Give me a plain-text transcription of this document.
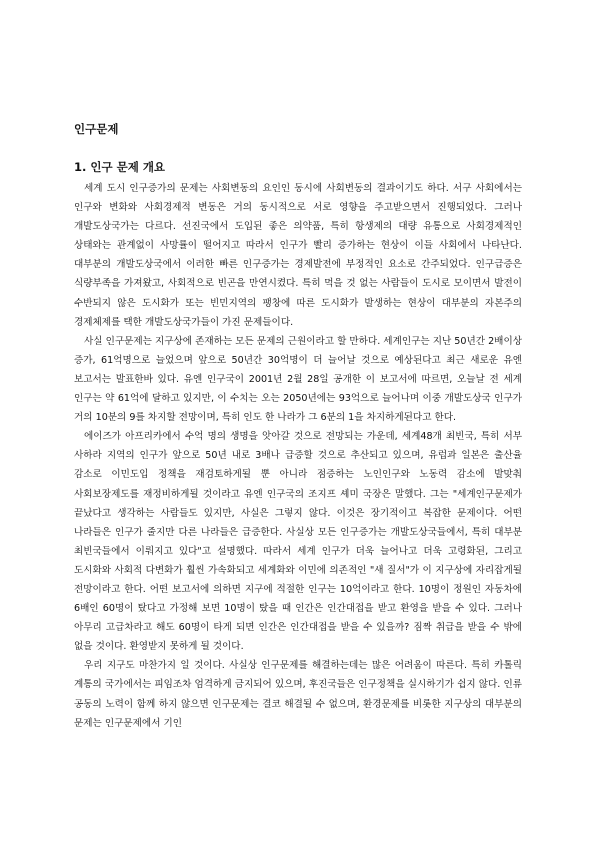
인구문제
1. 인구 문제 개요

세계 도시 인구증가의 문제는 사회변동의 요인인 동시에 사회변동의 결과이기도 하다. 서구 사회에서는 인구와 변화와 사회경제적 변동은 거의 동시적으로 서로 영향을 주고받으면서 진행되었다. 그러나 개발도상국가는 다르다. 선진국에서 도입된 좋은 의약품, 특히 항생제의 대량 유통으로 사회경제적인 상태와는 관계없이 사망률이 떨어지고 따라서 인구가 빨리 증가하는 현상이 이들 사회에서 나타난다. 대부분의 개발도상국에서 이러한 빠른 인구증가는 경제발전에 부정적인 요소로 간주되었다. 인구급증은 식량부족을 가져왔고, 사회적으로 빈곤을 만연시켰다. 특히 먹을 것 없는 사람들이 도시로 모이면서 발전이 수반되지 않은 도시화가 또는 빈민지역의 팽창에 따른 도시화가 발생하는 현상이 대부분의 자본주의 경제체제를 택한 개발도상국가들이 가진 문제들이다.

사실 인구문제는 지구상에 존재하는 모든 문제의 근원이라고 할 만하다. 세계인구는 지난 50년간 2배이상 증가, 61억명으로 늘었으며 앞으로 50년간 30억명이 더 늘어날 것으로 예상된다고 최근 새로운 유엔 보고서는 발표한바 있다. 유엔 인구국이 2001년 2월 28일 공개한 이 보고서에 따르면, 오늘날 전 세계 인구는 약 61억에 달하고 있지만, 이 수치는 오는 2050년에는 93억으로 늘어나며 이중 개발도상국 인구가 거의 10분의 9를 차지할 전망이며, 특히 인도 한 나라가 그 6분의 1을 차지하게된다고 한다.

에이즈가 아프리카에서 수억 명의 생명을 앗아갈 것으로 전망되는 가운데, 세계48개 최빈국, 특히 서부 사하라 지역의 인구가 앞으로 50년 내로 3배나 급증할 것으로 추산되고 있으며, 유럽과 일본은 출산율 감소로 이민도입 정책을 재검토하게될 뿐 아니라 점증하는 노인인구와 노동력 감소에 발맞춰 사회보장제도를 재정비하게될 것이라고 유엔 인구국의 조지프 셰미 국장은 말했다. 그는 "세계인구문제가 끝났다고 생각하는 사람들도 있지만, 사실은 그렇지 않다. 이것은 장기적이고 복잡한 문제이다. 어떤 나라들은 인구가 줄지만 다른 나라들은 급증한다. 사실상 모든 인구증가는 개발도상국들에서, 특히 대부분 최빈국들에서 이뤄지고 있다"고 설명했다. 따라서 세계 인구가 더욱 늘어나고 더욱 고령화된, 그리고 도시화와 사회적 다변화가 훨씬 가속화되고 세계화와 이민에 의존적인 "새 질서"가 이 지구상에 자리잡게될 전망이라고 한다. 어떤 보고서에 의하면 지구에 적절한 인구는 10억이라고 한다. 10명이 정원인 자동차에 6배인 60명이 탔다고 가정해 보면 10명이 탔을 때 인간은 인간대접을 받고 환영을 받을 수 있다. 그러나 아무리 고급차라고 해도 60명이 타게 되면 인간은 인간대접을 받을 수 있을까? 짐짝 취급을 받을 수 밖에 없을 것이다. 환영받지 못하게 될 것이다.

우리 지구도 마찬가지 일 것이다. 사실상 인구문제를 해결하는데는 많은 어려움이 따른다. 특히 카톨릭 계통의 국가에서는 피임조차 엄격하게 금지되어 있으며, 후진국들은 인구정책을 실시하기가 쉽지 않다. 인류 공동의 노력이 함께 하지 않으면 인구문제는 결코 해결될 수 없으며, 환경문제를 비롯한 지구상의 대부분의 문제는 인구문제에서 기인
